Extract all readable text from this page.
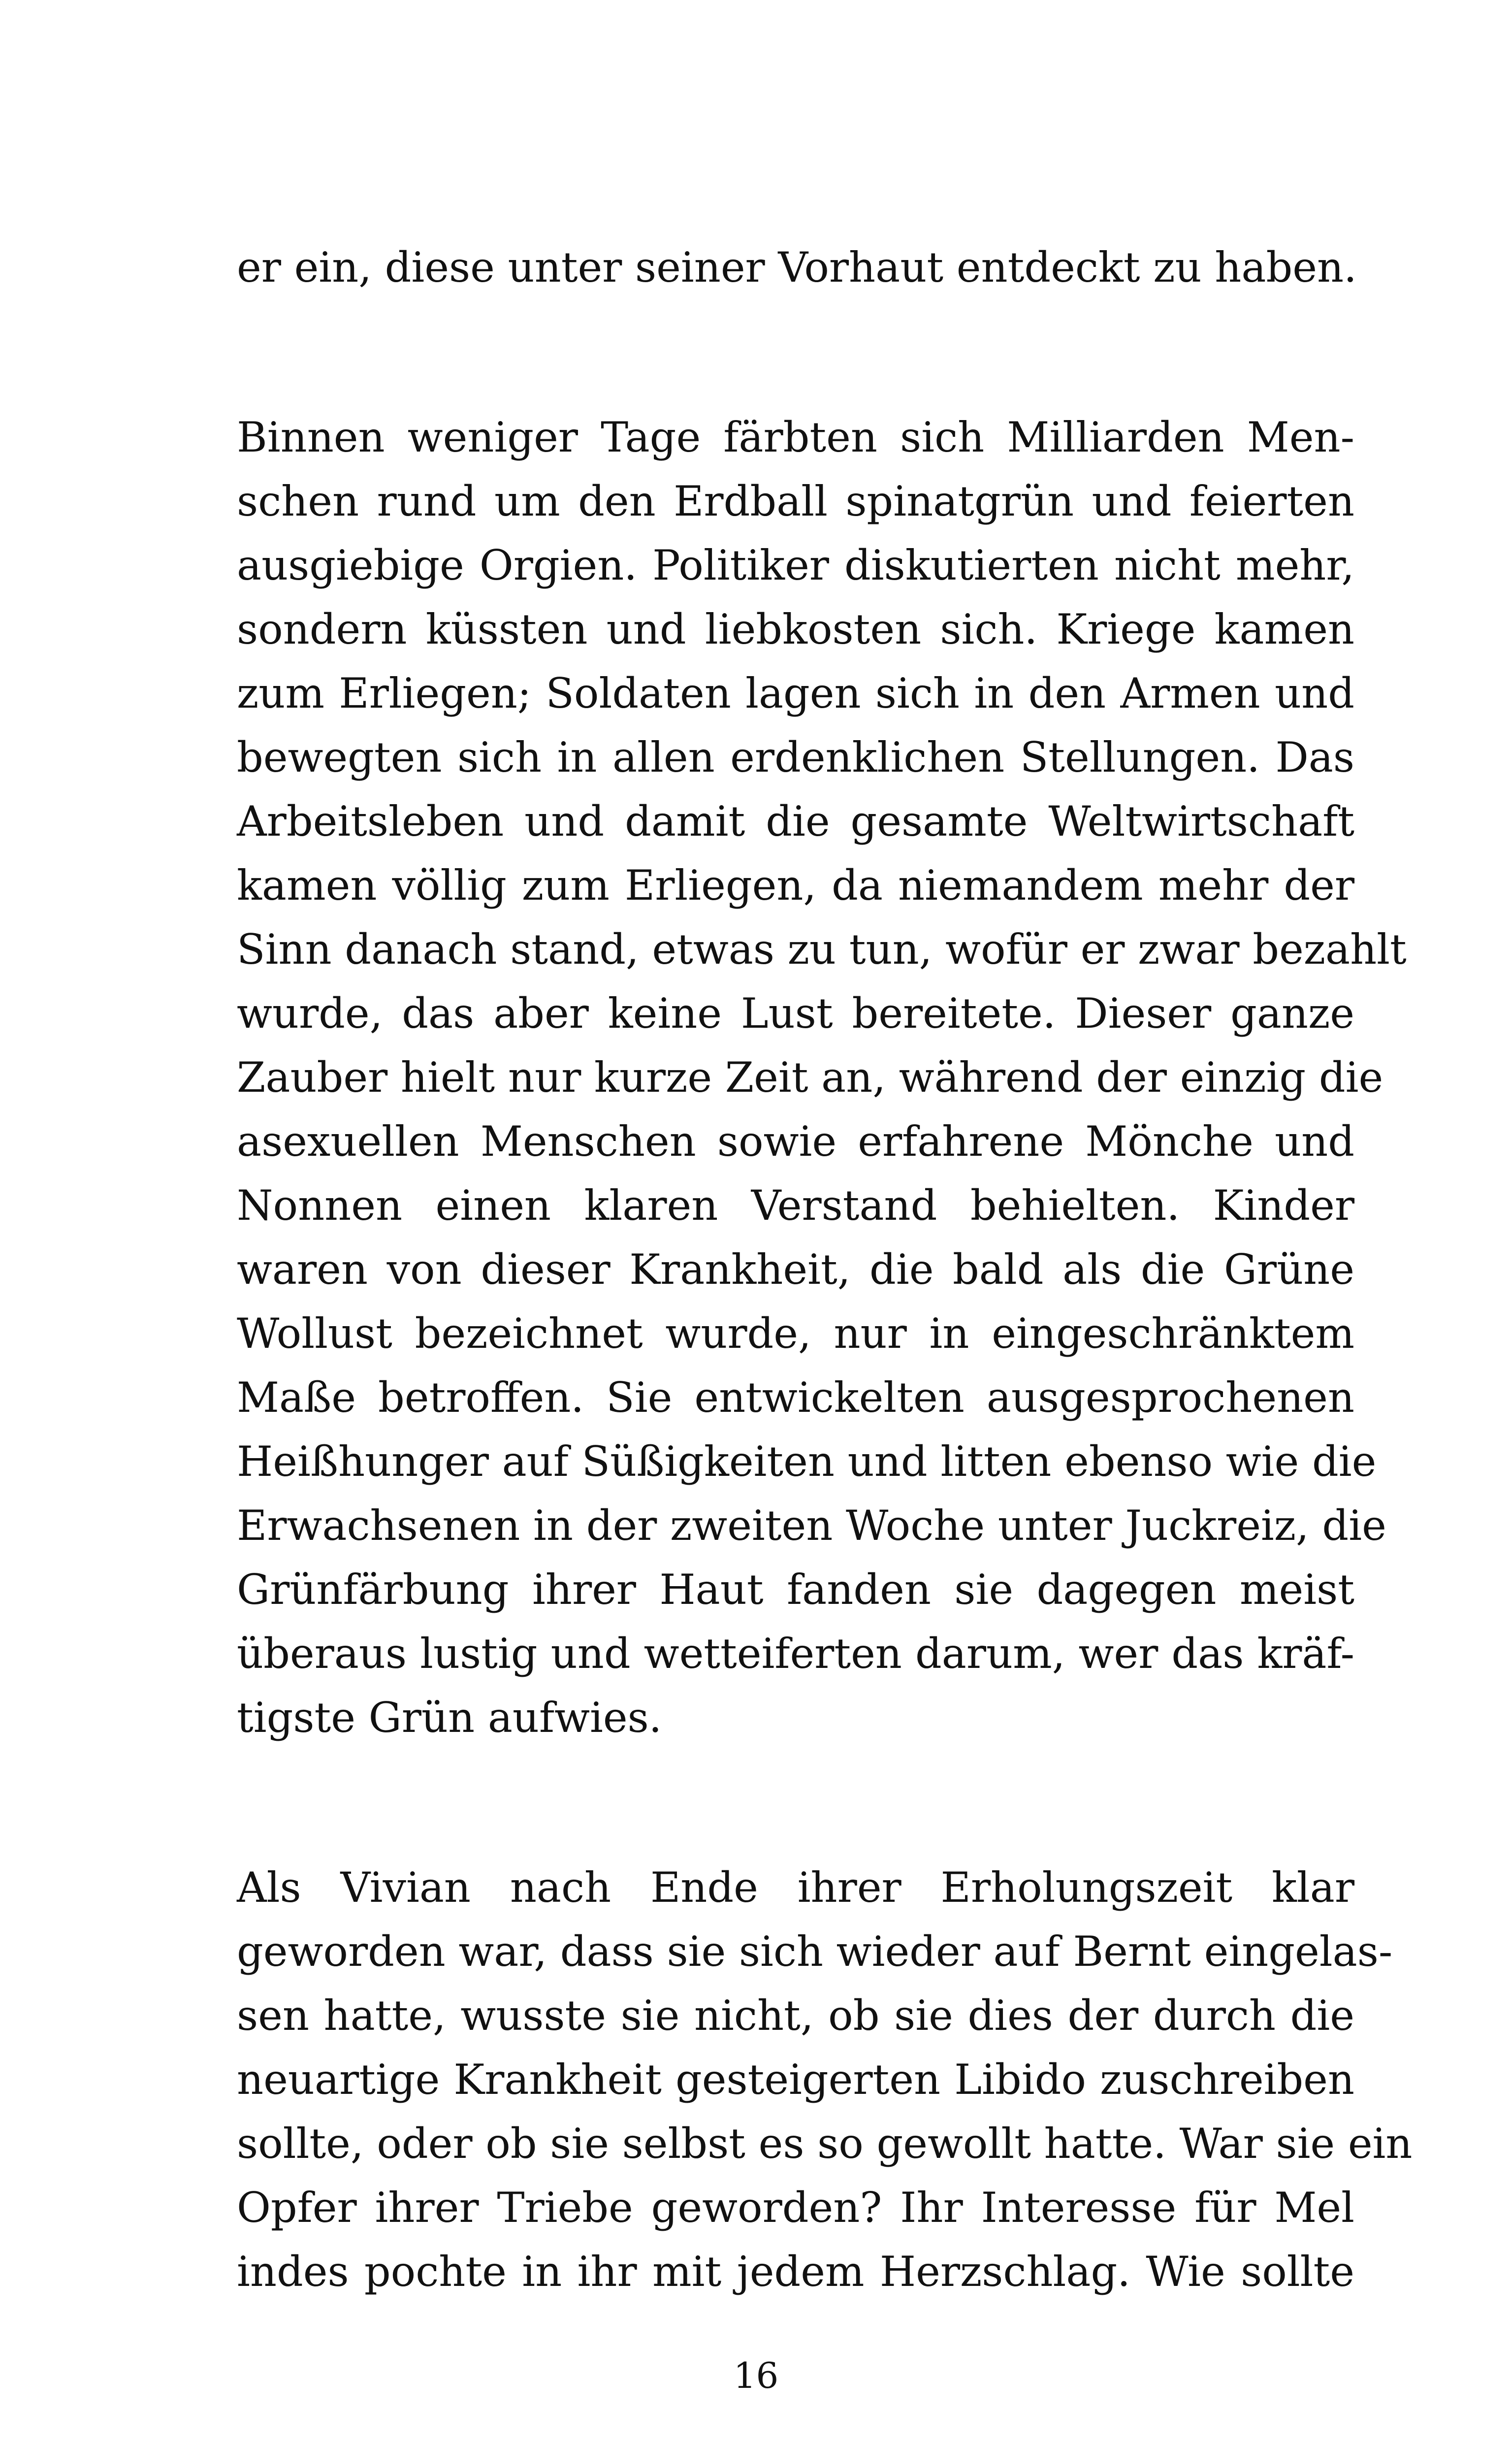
er ein, diese unter seiner Vorhaut entdeckt zu haben.
Binnen weniger Tage färbten sich Milliarden Men-
schen rund um den Erdball spinatgrün und feierten
ausgiebige Orgien. Politiker diskutierten nicht mehr,
sondern küssten und liebkosten sich. Kriege kamen
zum Erliegen; Soldaten lagen sich in den Armen und
bewegten sich in allen erdenklichen Stellungen. Das
Arbeitsleben und damit die gesamte Weltwirtschaft
kamen völlig zum Erliegen, da niemandem mehr der
Sinn danach stand, etwas zu tun, wofür er zwar bezahlt
wurde, das aber keine Lust bereitete. Dieser ganze
Zauber hielt nur kurze Zeit an, während der einzig die
asexuellen Menschen sowie erfahrene Mönche und
Nonnen einen klaren Verstand behielten. Kinder
waren von dieser Krankheit, die bald als die Grüne
Wollust bezeichnet wurde, nur in eingeschränktem
Maße betroffen. Sie entwickelten ausgesprochenen
Heißhunger auf Süßigkeiten und litten ebenso wie die
Erwachsenen in der zweiten Woche unter Juckreiz, die
Grünfärbung ihrer Haut fanden sie dagegen meist
überaus lustig und wetteiferten darum, wer das kräf-
tigste Grün aufwies.
Als Vivian nach Ende ihrer Erholungszeit klar
geworden war, dass sie sich wieder auf Bernt eingelas-
sen hatte, wusste sie nicht, ob sie dies der durch die
neuartige Krankheit gesteigerten Libido zuschreiben
sollte, oder ob sie selbst es so gewollt hatte. War sie ein
Opfer ihrer Triebe geworden? Ihr Interesse für Mel
indes pochte in ihr mit jedem Herzschlag. Wie sollte
16
